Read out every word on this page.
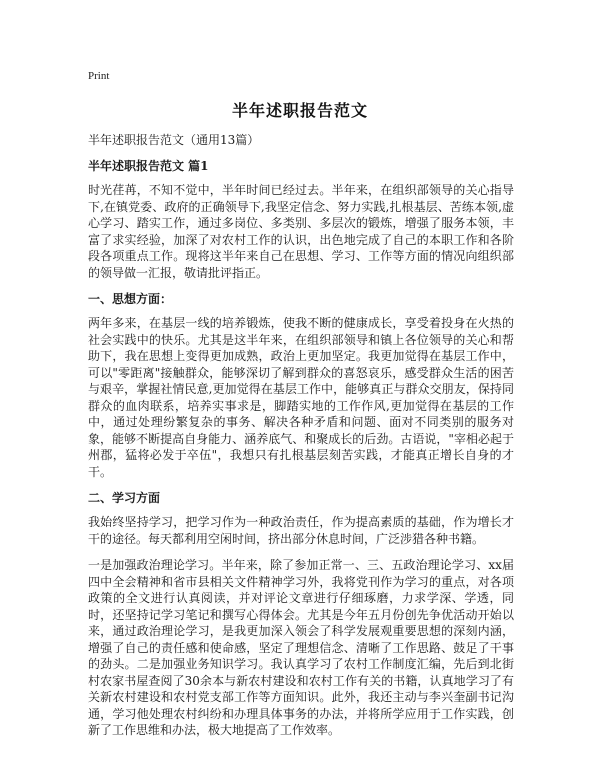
Print
半年述职报告范文

半年述职报告范文（通用13篇）

半年述职报告范文 篇1

时光荏苒，不知不觉中，半年时间已经过去。半年来，在组织部领导的关心指导下,在镇党委、政府的正确领导下,我坚定信念、努力实践,扎根基层、苦练本领,虚心学习、踏实工作，通过多岗位、多类别、多层次的锻炼，增强了服务本领，丰富了求实经验，加深了对农村工作的认识，出色地完成了自己的本职工作和各阶段各项重点工作。现将这半年来自己在思想、学习、工作等方面的情况向组织部的领导做一汇报，敬请批评指正。

一、思想方面：

两年多来，在基层一线的培养锻炼，使我不断的健康成长，享受着投身在火热的社会实践中的快乐。尤其是这半年来，在组织部领导和镇上各位领导的关心和帮助下，我在思想上变得更加成熟，政治上更加坚定。我更加觉得在基层工作中，可以"零距离"接触群众，能够深切了解到群众的喜怒哀乐，感受群众生活的困苦与艰辛，掌握社情民意,更加觉得在基层工作中，能够真正与群众交朋友，保持同群众的血肉联系，培养实事求是，脚踏实地的工作作风,更加觉得在基层的工作中，通过处理纷繁复杂的事务、解决各种矛盾和问题、面对不同类别的服务对象，能够不断提高自身能力、涵养底气、和聚成长的后劲。古语说，"宰相必起于州郡，猛将必发于卒伍"，我想只有扎根基层刻苦实践，才能真正增长自身的才干。

二、学习方面

我始终坚持学习，把学习作为一种政治责任，作为提高素质的基础，作为增长才干的途径。每天都利用空闲时间，挤出部分休息时间，广泛涉猎各种书籍。

一是加强政治理论学习。半年来，除了参加正常一、三、五政治理论学习、xx届四中全会精神和省市县相关文件精神学习外，我将党刊作为学习的重点，对各项政策的全文进行认真阅读，并对评论文章进行仔细琢磨，力求学深、学透，同时，还坚持记学习笔记和撰写心得体会。尤其是今年五月份创先争优活动开始以来，通过政治理论学习，是我更加深入领会了科学发展观重要思想的深刻内涵，增强了自己的责任感和使命感，坚定了理想信念、清晰了工作思路、鼓足了干事的劲头。二是加强业务知识学习。我认真学习了农村工作制度汇编，先后到北街村农家书屋查阅了30余本与新农村建设和农村工作有关的书籍，认真地学习了有关新农村建设和农村党支部工作等方面知识。此外，我还主动与李兴奎副书记沟通，学习他处理农村纠纷和办理具体事务的办法，并将所学应用于工作实践，创新了工作思维和办法，极大地提高了工作效率。
